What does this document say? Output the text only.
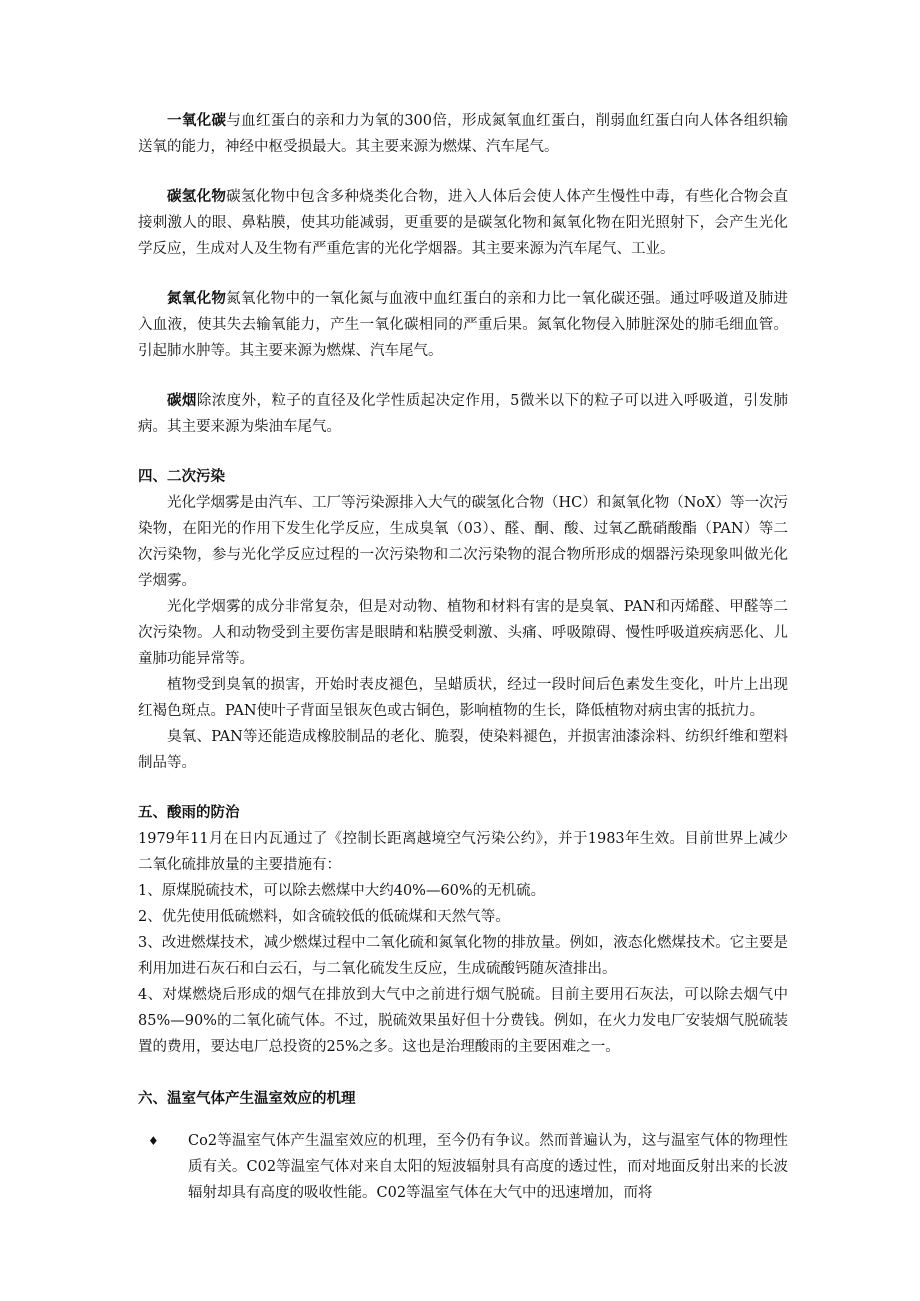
一氧化碳与血红蛋白的亲和力为氧的300倍，形成氮氧血红蛋白，削弱血红蛋白向人体各组织输送氧的能力，神经中枢受损最大。其主要来源为燃煤、汽车尾气。

碳氢化物碳氢化物中包含多种烧类化合物，进入人体后会使人体产生慢性中毒，有些化合物会直接刺激人的眼、鼻粘膜，使其功能减弱，更重要的是碳氢化物和氮氧化物在阳光照射下，会产生光化学反应，生成对人及生物有严重危害的光化学烟器。其主要来源为汽车尾气、工业。

氮氧化物氮氧化物中的一氧化氮与血液中血红蛋白的亲和力比一氧化碳还强。通过呼吸道及肺进入血液，使其失去输氧能力，产生一氧化碳相同的严重后果。氮氧化物侵入肺脏深处的肺毛细血管。引起肺水肿等。其主要来源为燃煤、汽车尾气。

碳烟除浓度外，粒子的直径及化学性质起决定作用，5微米以下的粒子可以进入呼吸道，引发肺病。其主要来源为柴油车尾气。

四、二次污染

光化学烟雾是由汽车、工厂等污染源排入大气的碳氢化合物（HC）和氮氧化物（NoX）等一次污染物，在阳光的作用下发生化学反应，生成臭氧（03）、醛、酮、酸、过氧乙酰硝酸酯（PAN）等二次污染物，参与光化学反应过程的一次污染物和二次污染物的混合物所形成的烟器污染现象叫做光化学烟雾。

光化学烟雾的成分非常复杂，但是对动物、植物和材料有害的是臭氧、PAN和丙烯醛、甲醛等二次污染物。人和动物受到主要伤害是眼睛和粘膜受刺激、头痛、呼吸隙碍、慢性呼吸道疾病恶化、儿童肺功能异常等。

植物受到臭氧的损害，开始时表皮褪色，呈蜡质状，经过一段时间后色素发生变化，叶片上出现红褐色斑点。PAN使叶子背面呈银灰色或古铜色，影响植物的生长，降低植物对病虫害的抵抗力。

臭氧、PAN等还能造成橡胶制品的老化、脆裂，使染料褪色，并损害油漆涂料、纺织纤维和塑料制品等。

五、酸雨的防治

1979年11月在日内瓦通过了《控制长距离越境空气污染公约》，并于1983年生效。目前世界上减少二氧化硫排放量的主要措施有：

1、原煤脱硫技术，可以除去燃煤中大约40%—60%的无机硫。

2、优先使用低硫燃料，如含硫较低的低硫煤和天然气等。

3、改进燃煤技术，减少燃煤过程中二氧化硫和氮氧化物的排放量。例如，液态化燃煤技术。它主要是利用加进石灰石和白云石，与二氧化硫发生反应，生成硫酸钙随灰渣排出。

4、对煤燃烧后形成的烟气在排放到大气中之前进行烟气脱硫。目前主要用石灰法，可以除去烟气中85%—90%的二氧化硫气体。不过，脱硫效果虽好但十分费钱。例如，在火力发电厂安装烟气脱硫装置的费用，要达电厂总投资的25%之多。这也是治理酸雨的主要困难之一。

六、温室气体产生温室效应的机理

♦	Co2等温室气体产生温室效应的机理，至今仍有争议。然而普遍认为，这与温室气体的物理性质有关。C02等温室气体对来自太阳的短波辐射具有高度的透过性，而对地面反射出来的长波辐射却具有高度的吸收性能。C02等温室气体在大气中的迅速增加，而将
